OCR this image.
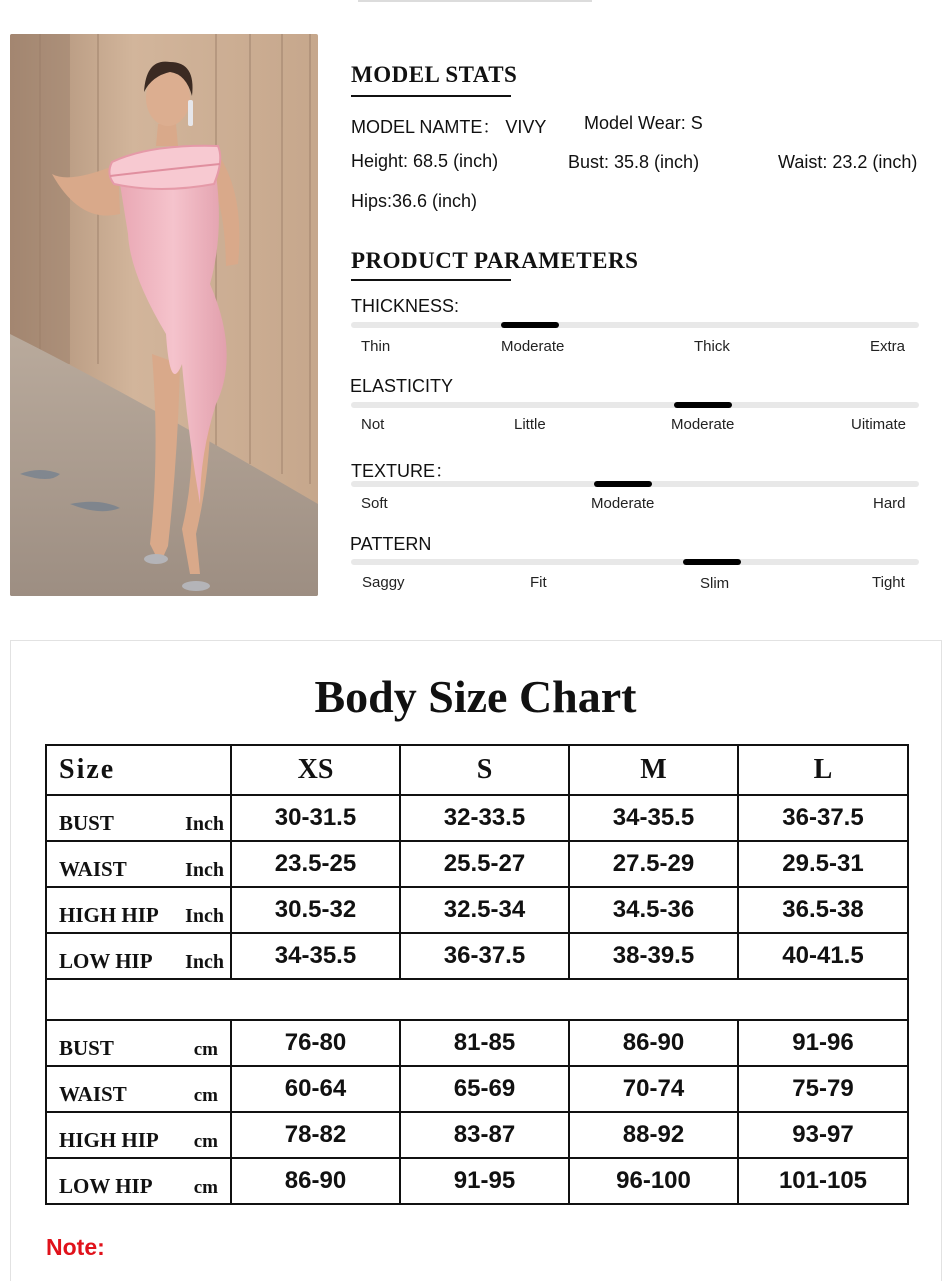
MODEL STATS
MODEL NAMTE： VIVY Model Wear: S
Height: 68.5 (inch)	Bust: 35.8 (inch)	Waist: 23.2 (inch)
Hips:36.6 (inch)
PRODUCT PARAMETERS
THICKNESS:
Thin	Moderate	Thick	Extra
ELASTICITY
Not	Little	Moderate	Uitimate
TEXTURE：
Soft	Moderate	Hard
PATTERN
Saggy	Fit	Slim	Tight
Body Size Chart
Size	XS	S	M	L

BUST Inch	30-31.5	32-33.5	34-35.5	36-37.5

WAIST Inch	23.5-25	25.5-27	27.5-29	29.5-31

HIGH HIP Inch	30.5-32	32.5-34	34.5-36	36.5-38

LOW HIP Inch	34-35.5	36-37.5	38-39.5	40-41.5

BUST cm	76-80	81-85	86-90	91-96

WAIST cm	60-64	65-69	70-74	75-79

HIGH HIP cm	78-82	83-87	88-92	93-97

LOW HIP cm	86-90	91-95	96-100	101-105
Note:
